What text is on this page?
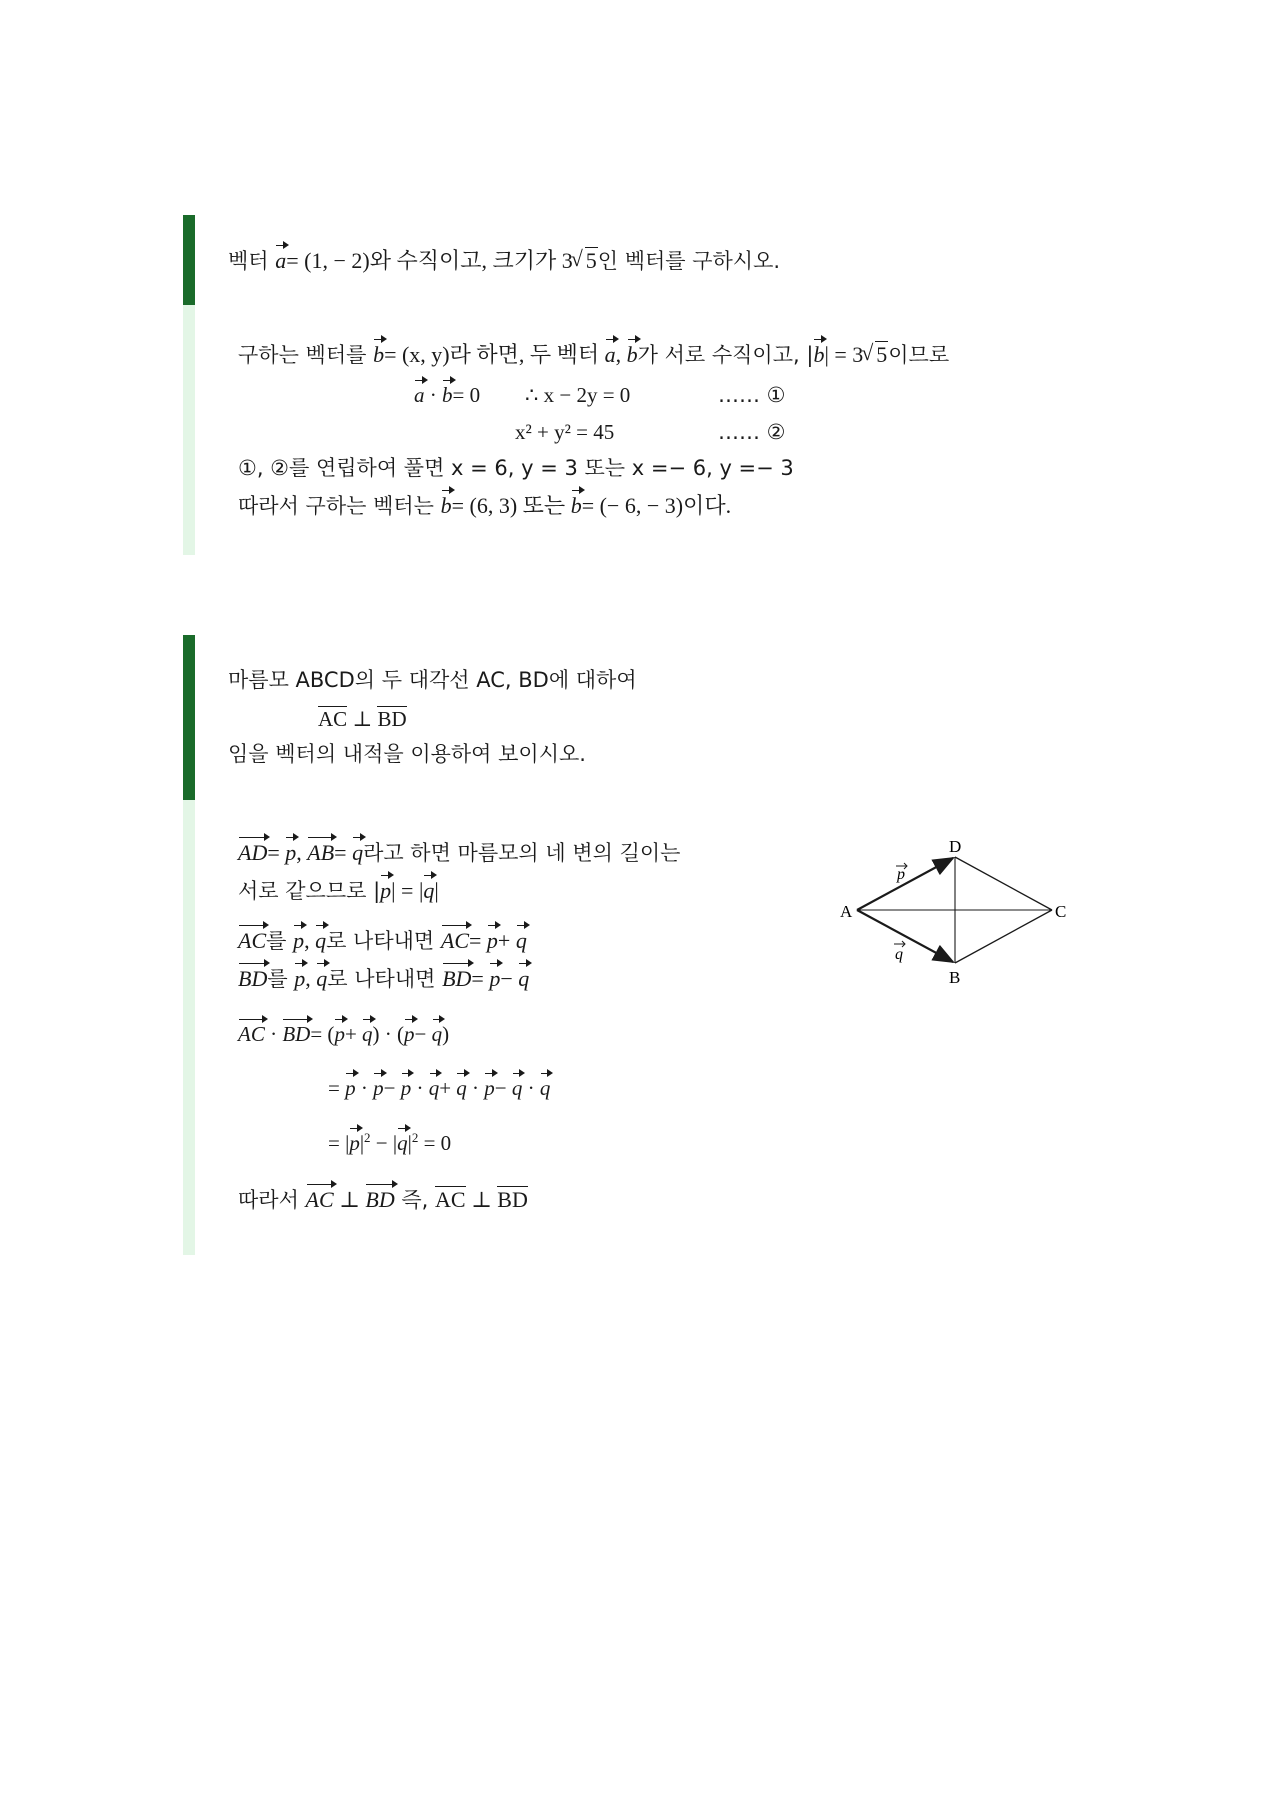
벡터 a= (1, − 2)와 수직이고, 크기가 3 √ 5인 벡터를 구하시오.
구하는 벡터를 b= (x, y)라 하면, 두 벡터 a, b가 서로 수직이고, |b| = 3 √ 5이므로
a · b= 0 ∴ x − 2y = 0	…… ①
x² + y² = 45	…… ②
①, ②를 연립하여 풀면 x = 6, y = 3 또는 x =− 6, y =− 3
따라서 구하는 벡터는 b= (6, 3) 또는 b= (− 6, − 3)이다.
마름모 ABCD의 두 대각선 AC, BD에 대하여
AC ⊥ BD
임을 벡터의 내적을 이용하여 보이시오.
AD= p, AB= q라고 하면 마름모의 네 변의 길이는
서로 같으므로 |p| = |q|
AC를 p, q로 나타내면 AC= p+ q
BD를 p, q로 나타내면 BD= p− q
AC · BD= (p+ q) · (p− q)
= p · p− p · q+ q · p− q · q
= $|p|^2 - |q|^2 = 0$
따라서 AC ⊥ BD 즉, AC ⊥ BD
A
B
C
D
p
q
